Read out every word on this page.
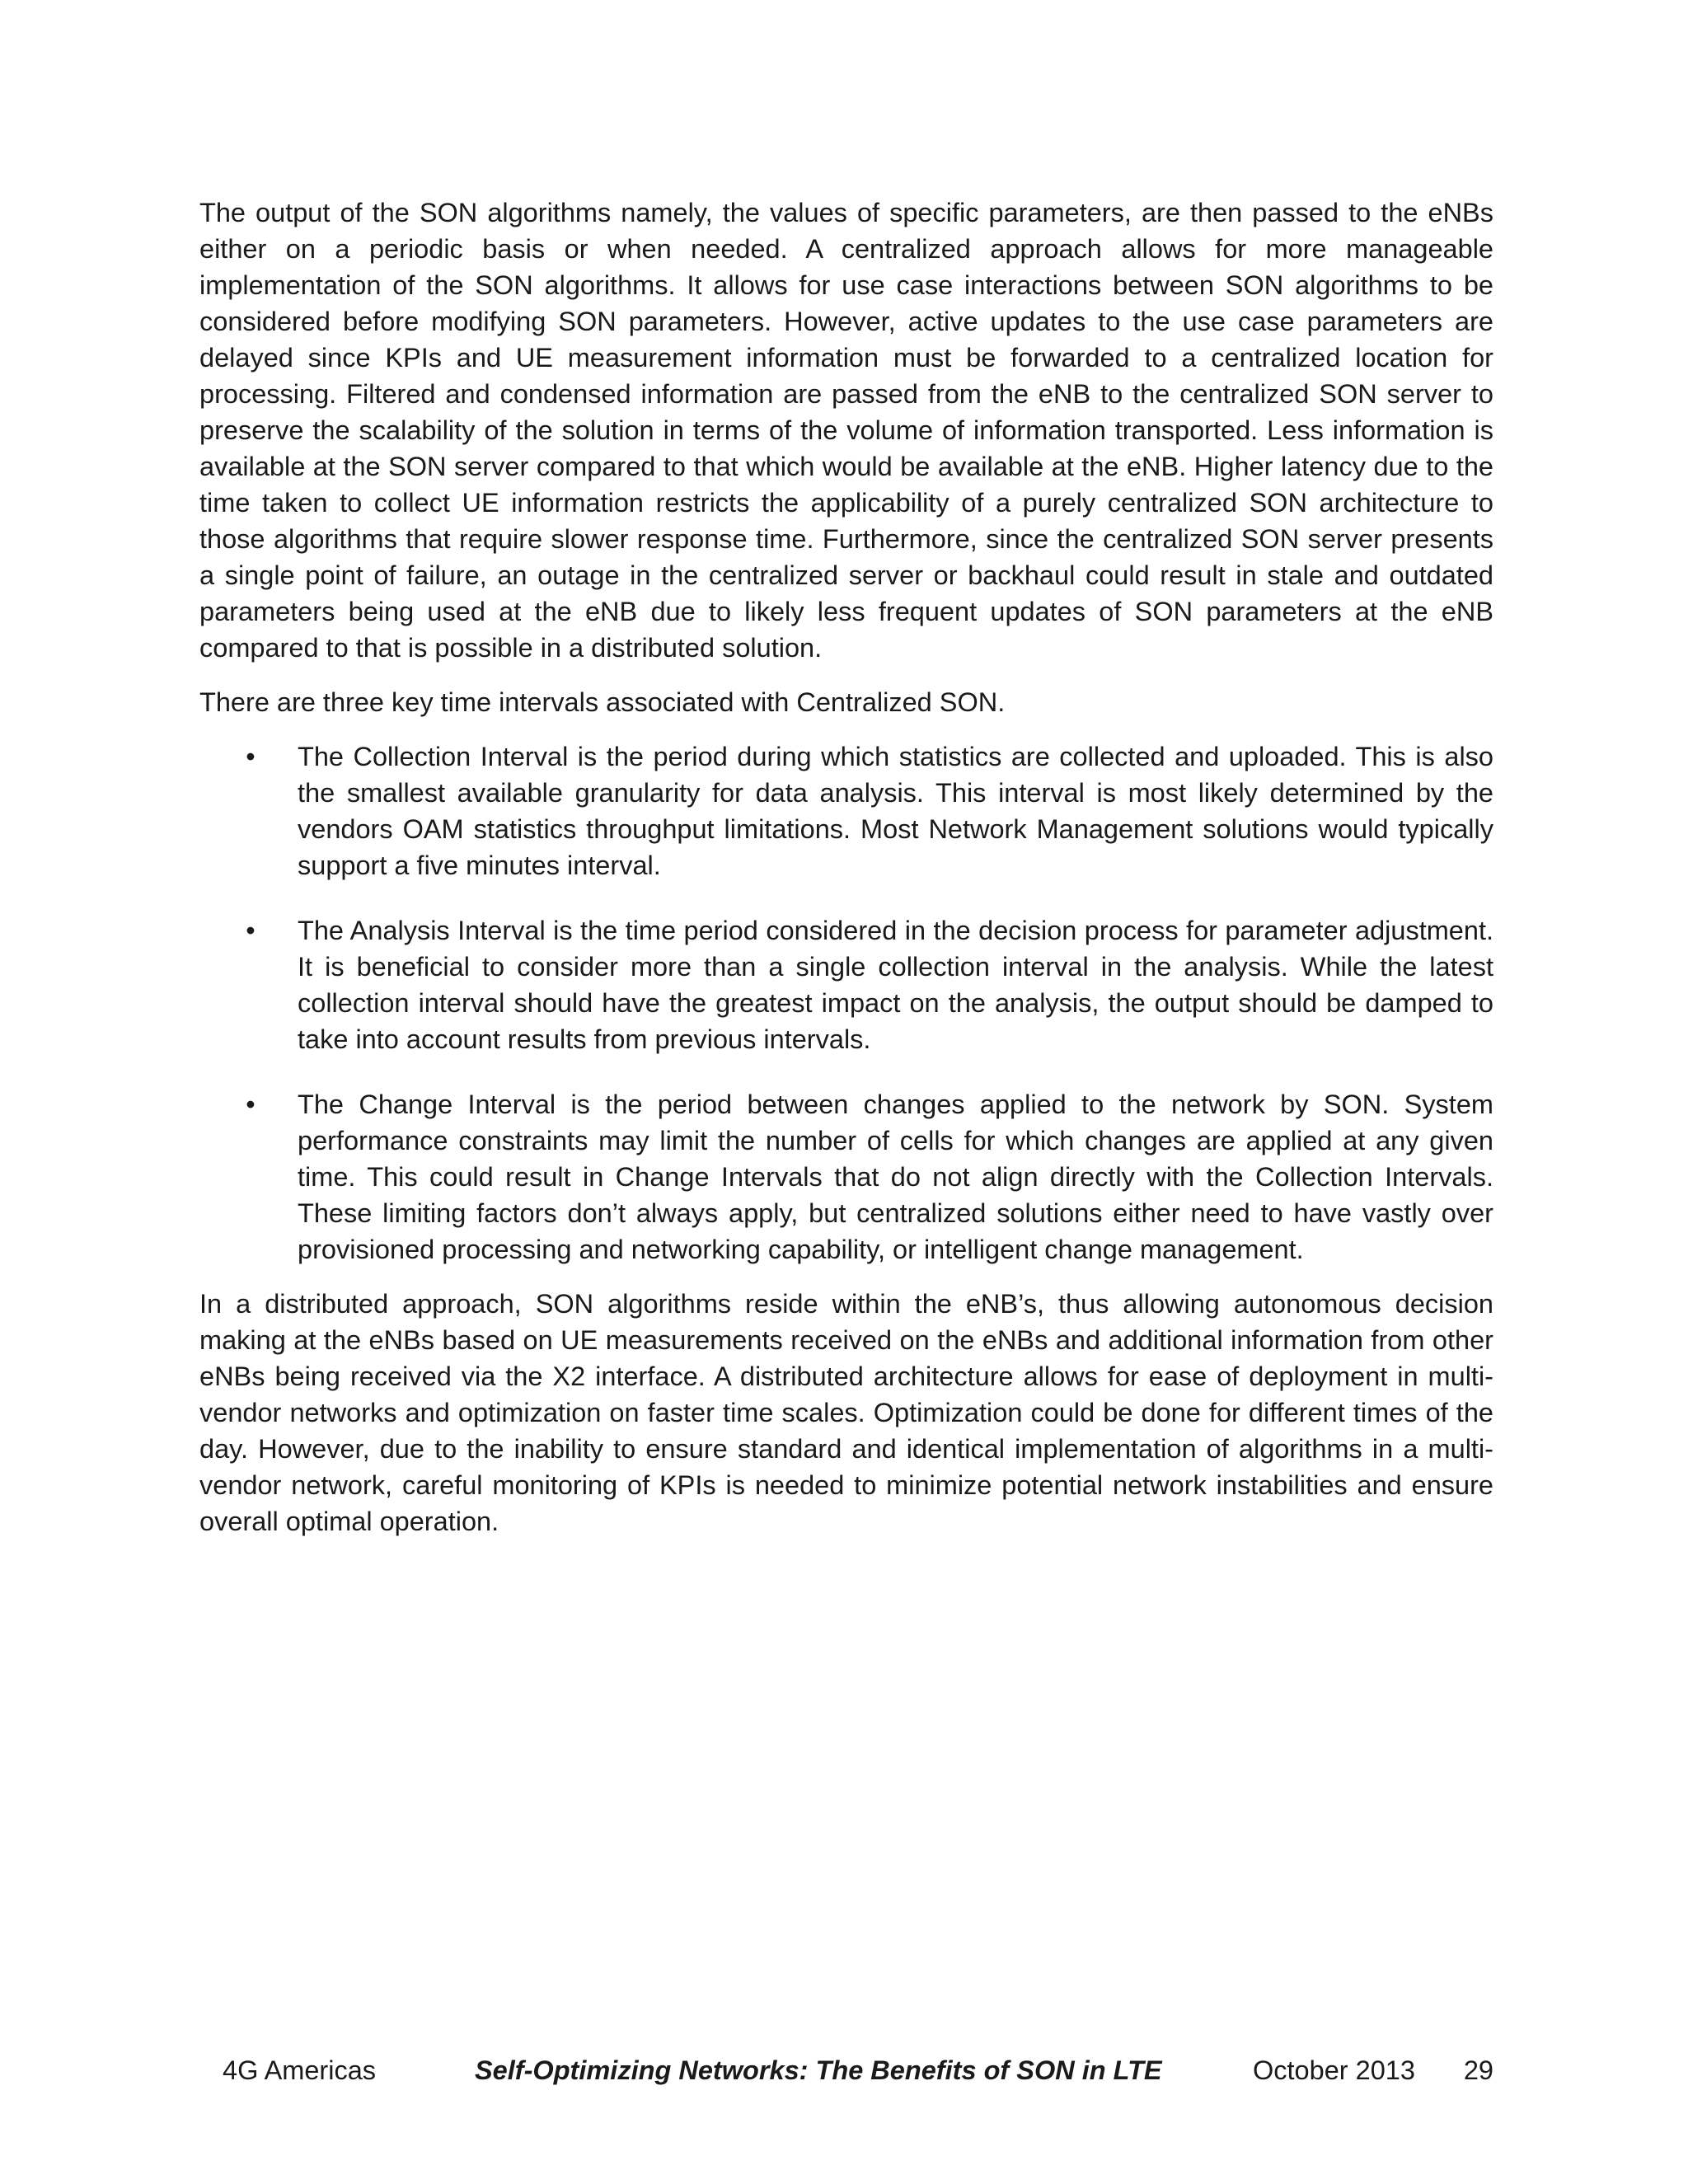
The output of the SON algorithms namely, the values of specific parameters, are then passed to the eNBs either on a periodic basis or when needed. A centralized approach allows for more manageable implementation of the SON algorithms. It allows for use case interactions between SON algorithms to be considered before modifying SON parameters. However, active updates to the use case parameters are delayed since KPIs and UE measurement information must be forwarded to a centralized location for processing. Filtered and condensed information are passed from the eNB to the centralized SON server to preserve the scalability of the solution in terms of the volume of information transported. Less information is available at the SON server compared to that which would be available at the eNB. Higher latency due to the time taken to collect UE information restricts the applicability of a purely centralized SON architecture to those algorithms that require slower response time. Furthermore, since the centralized SON server presents a single point of failure, an outage in the centralized server or backhaul could result in stale and outdated parameters being used at the eNB due to likely less frequent updates of SON parameters at the eNB compared to that is possible in a distributed solution.

There are three key time intervals associated with Centralized SON.

• The Collection Interval is the period during which statistics are collected and uploaded. This is also the smallest available granularity for data analysis. This interval is most likely determined by the vendors OAM statistics throughput limitations. Most Network Management solutions would typically support a five minutes interval.
• The Analysis Interval is the time period considered in the decision process for parameter adjustment. It is beneficial to consider more than a single collection interval in the analysis. While the latest collection interval should have the greatest impact on the analysis, the output should be damped to take into account results from previous intervals.
• The Change Interval is the period between changes applied to the network by SON. System performance constraints may limit the number of cells for which changes are applied at any given time. This could result in Change Intervals that do not align directly with the Collection Intervals. These limiting factors don’t always apply, but centralized solutions either need to have vastly over provisioned processing and networking capability, or intelligent change management.

In a distributed approach, SON algorithms reside within the eNB’s, thus allowing autonomous decision making at the eNBs based on UE measurements received on the eNBs and additional information from other eNBs being received via the X2 interface. A distributed architecture allows for ease of deployment in multi-vendor networks and optimization on faster time scales. Optimization could be done for different times of the day. However, due to the inability to ensure standard and identical implementation of algorithms in a multi-vendor network, careful monitoring of KPIs is needed to minimize potential network instabilities and ensure overall optimal operation.

4G Americas	Self-Optimizing Networks: The Benefits of SON in LTE	October 2013 29
